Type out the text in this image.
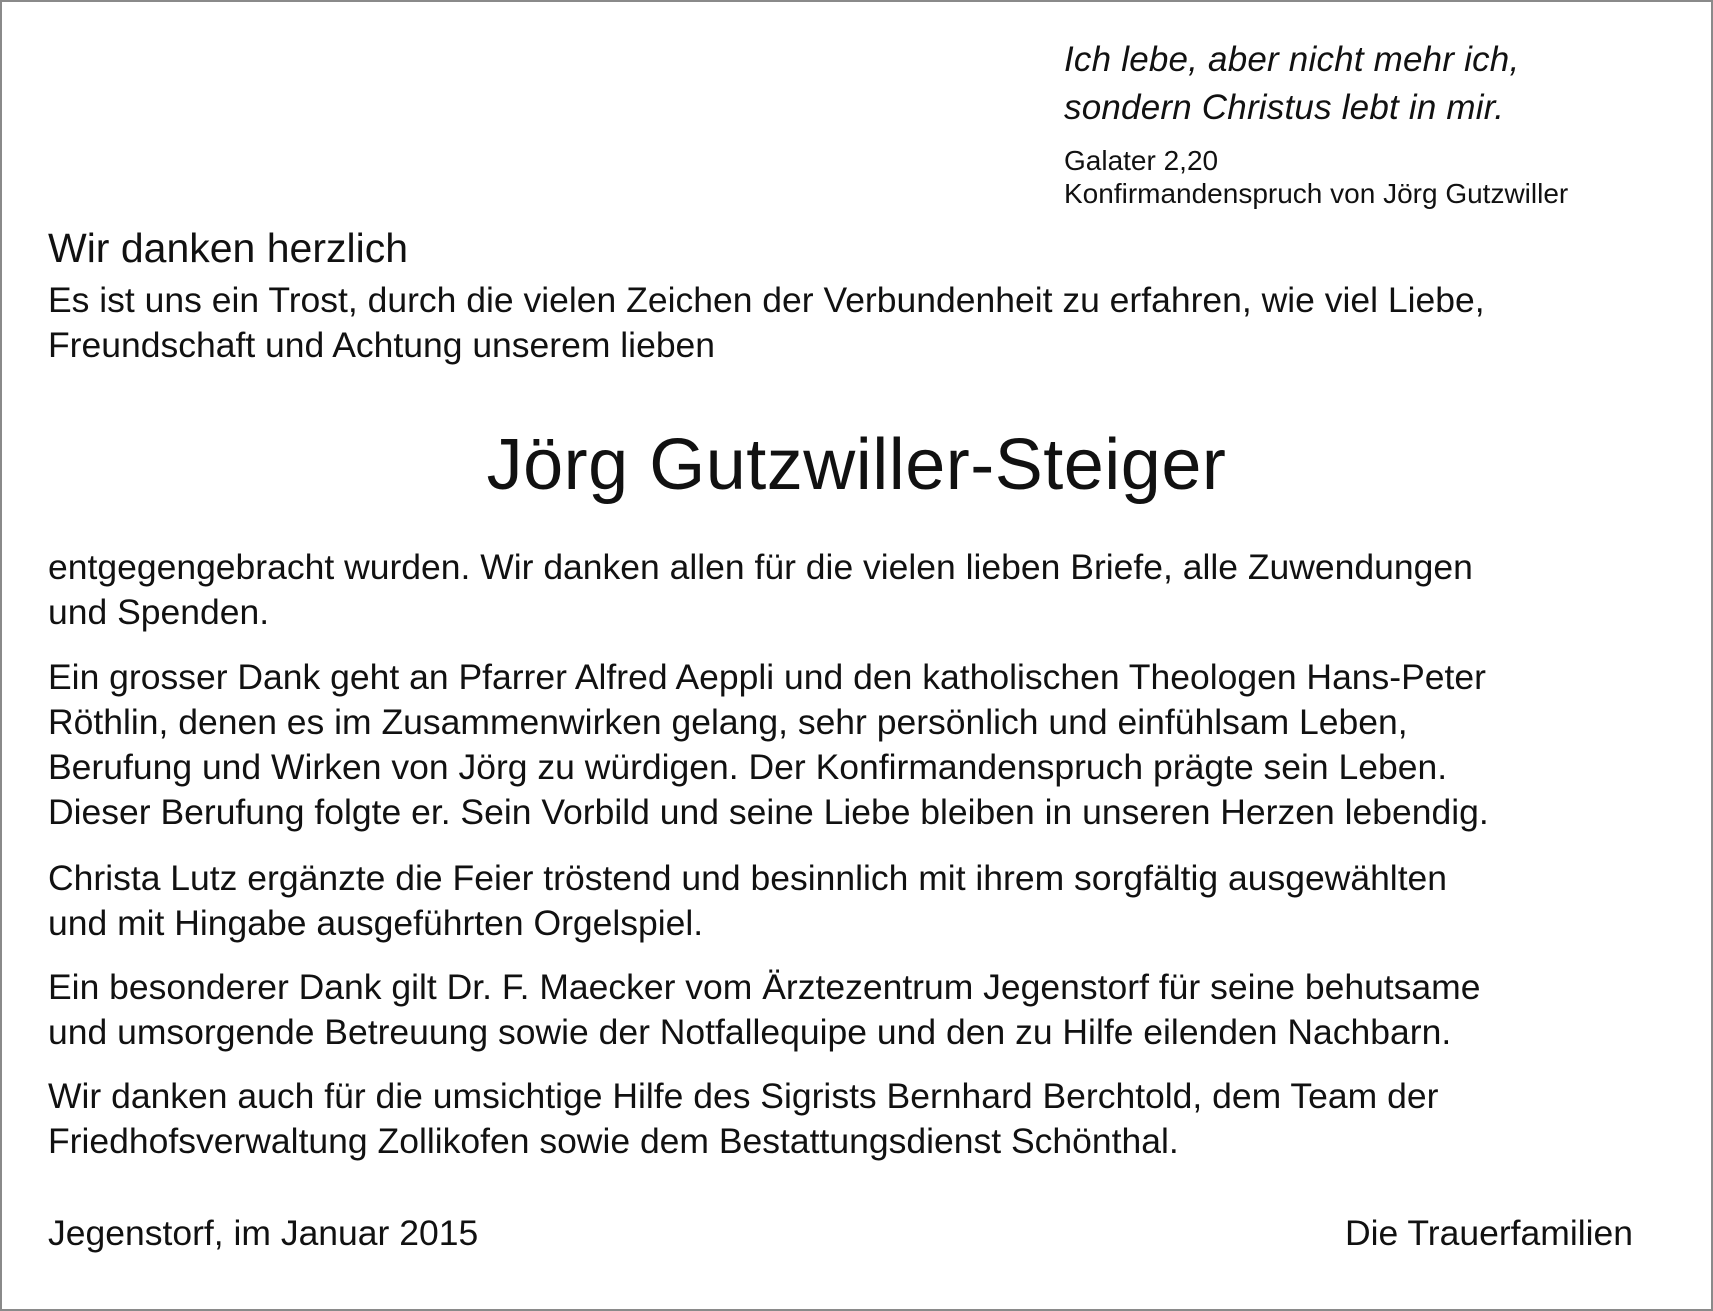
Ich lebe, aber nicht mehr ich,
sondern Christus lebt in mir.
Galater 2,20
Konfirmandenspruch von Jörg Gutzwiller
Wir danken herzlich
Es ist uns ein Trost, durch die vielen Zeichen der Verbundenheit zu erfahren, wie viel Liebe,
Freundschaft und Achtung unserem lieben
Jörg Gutzwiller-Steiger
entgegengebracht wurden. Wir danken allen für die vielen lieben Briefe, alle Zuwendungen
und Spenden.
Ein grosser Dank geht an Pfarrer Alfred Aeppli und den katholischen Theologen Hans-Peter
Röthlin, denen es im Zusammenwirken gelang, sehr persönlich und einfühlsam Leben,
Berufung und Wirken von Jörg zu würdigen. Der Konfirmandenspruch prägte sein Leben.
Dieser Berufung folgte er. Sein Vorbild und seine Liebe bleiben in unseren Herzen lebendig.
Christa Lutz ergänzte die Feier tröstend und besinnlich mit ihrem sorgfältig ausgewählten
und mit Hingabe ausgeführten Orgelspiel.
Ein besonderer Dank gilt Dr. F. Maecker vom Ärztezentrum Jegenstorf für seine behutsame
und umsorgende Betreuung sowie der Notfallequipe und den zu Hilfe eilenden Nachbarn.
Wir danken auch für die umsichtige Hilfe des Sigrists Bernhard Berchtold, dem Team der
Friedhofsverwaltung Zollikofen sowie dem Bestattungsdienst Schönthal.
Jegenstorf, im Januar 2015	Die Trauerfamilien
